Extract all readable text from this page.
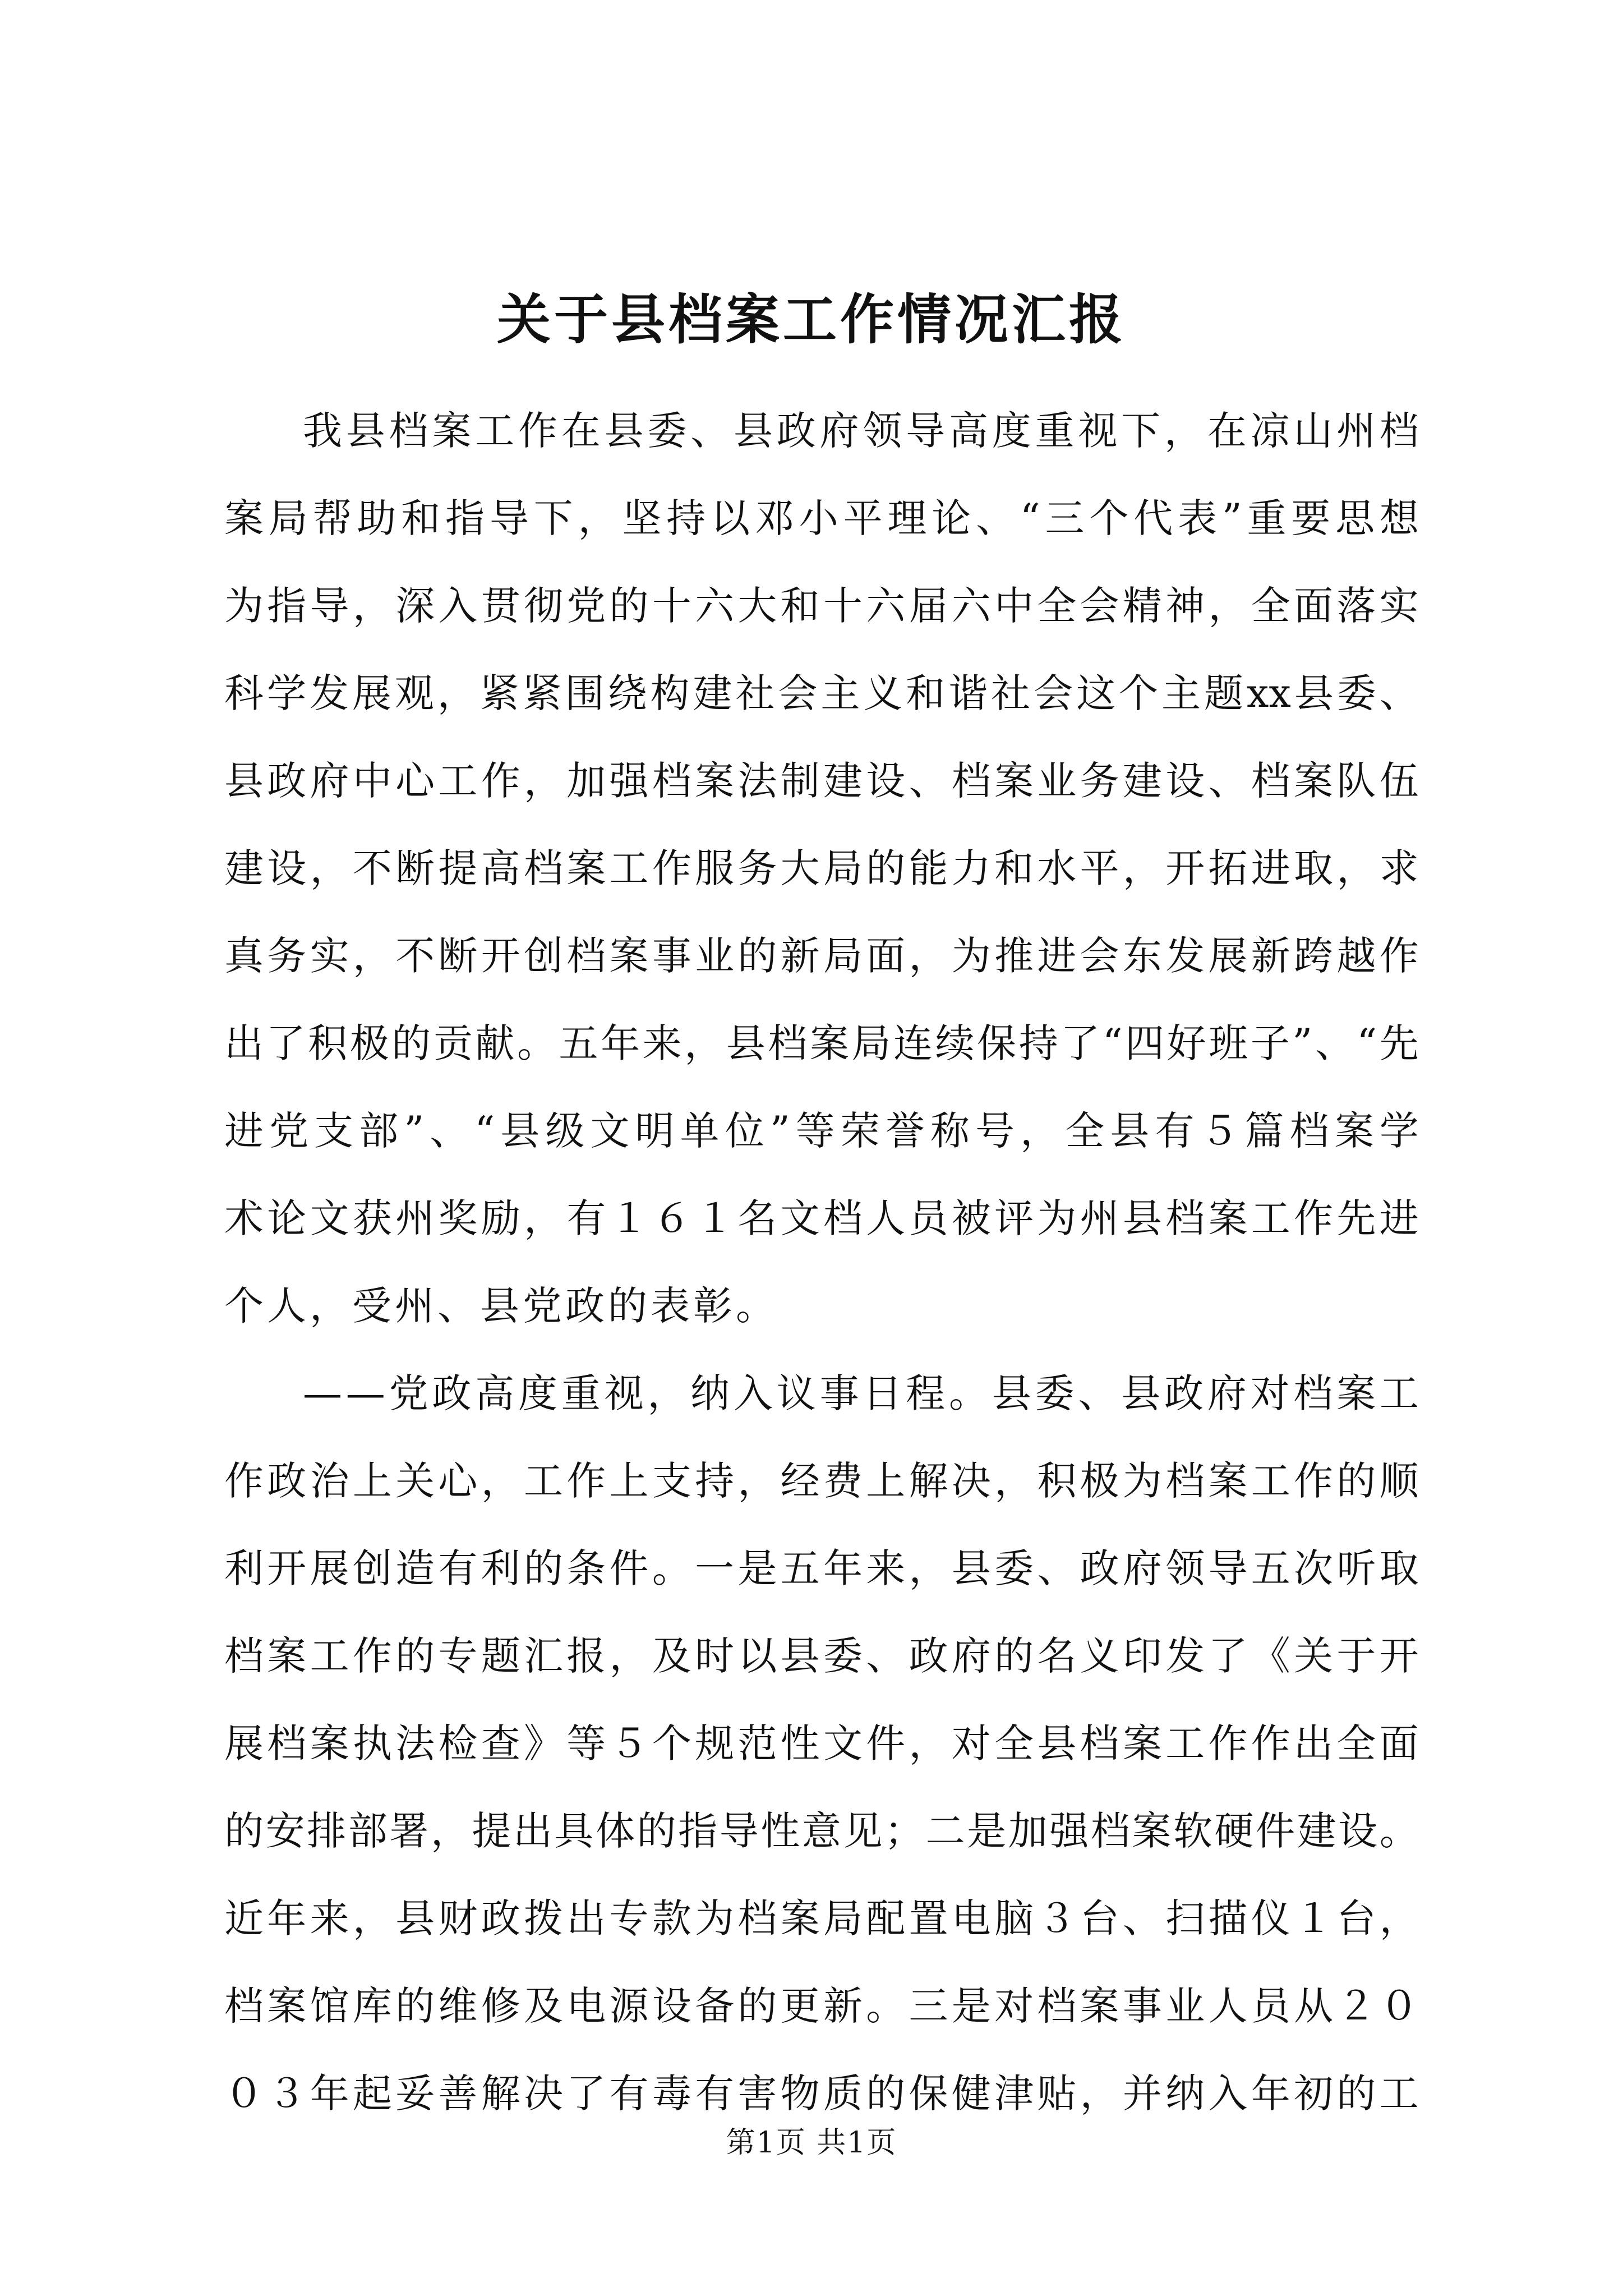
关于县档案工作情况汇报
我 县 档 案 工 作 在 县 委 、 县 政 府 领 导 高 度 重 视 下 ， 在 凉 山 州 档
案 局 帮 助 和 指 导 下 ， 坚 持 以 邓 小 平 理 论 、 “ 三 个 代 表 ” 重 要 思 想
为 指 导 ， 深 入 贯 彻 党 的 十 六 大 和 十 六 届 六 中 全 会 精 神 ， 全 面 落 实
科 学 发 展 观 ， 紧 紧 围 绕 构 建 社 会 主 义 和 谐 社 会 这 个 主 题 xx 县 委 、
县 政 府 中 心 工 作 ， 加 强 档 案 法 制 建 设 、 档 案 业 务 建 设 、 档 案 队 伍
建 设 ， 不 断 提 高 档 案 工 作 服 务 大 局 的 能 力 和 水 平 ， 开 拓 进 取 ， 求
真 务 实 ， 不 断 开 创 档 案 事 业 的 新 局 面 ， 为 推 进 会 东 发 展 新 跨 越 作
出 了 积 极 的 贡 献 。 五 年 来 ， 县 档 案 局 连 续 保 持 了 “ 四 好 班 子 ” 、 “ 先
进 党 支 部 ” 、 “ 县 级 文 明 单 位 ” 等 荣 誉 称 号 ， 全 县 有 ５ 篇 档 案 学
术 论 文 获 州 奖 励 ， 有 １ ６ １ 名 文 档 人 员 被 评 为 州 县 档 案 工 作 先 进
个人，受州、县党政的表彰。
— — 党 政 高 度 重 视 ， 纳 入 议 事 日 程 。 县 委 、 县 政 府 对 档 案 工
作 政 治 上 关 心 ， 工 作 上 支 持 ， 经 费 上 解 决 ， 积 极 为 档 案 工 作 的 顺
利 开 展 创 造 有 利 的 条 件 。 一 是 五 年 来 ， 县 委 、 政 府 领 导 五 次 听 取
档 案 工 作 的 专 题 汇 报 ， 及 时 以 县 委 、 政 府 的 名 义 印 发 了 《 关 于 开
展 档 案 执 法 检 查 》 等 ５ 个 规 范 性 文 件 ， 对 全 县 档 案 工 作 作 出 全 面
的 安 排 部 署 ， 提 出 具 体 的 指 导 性 意 见 ； 二 是 加 强 档 案 软 硬 件 建 设 。
近 年 来 ， 县 财 政 拨 出 专 款 为 档 案 局 配 置 电 脑 ３ 台 、 扫 描 仪 １ 台 ，
档 案 馆 库 的 维 修 及 电 源 设 备 的 更 新 。 三 是 对 档 案 事 业 人 员 从 ２ ０
０ ３ 年 起 妥 善 解 决 了 有 毒 有 害 物 质 的 保 健 津 贴 ， 并 纳 入 年 初 的 工
第1页 共1页
